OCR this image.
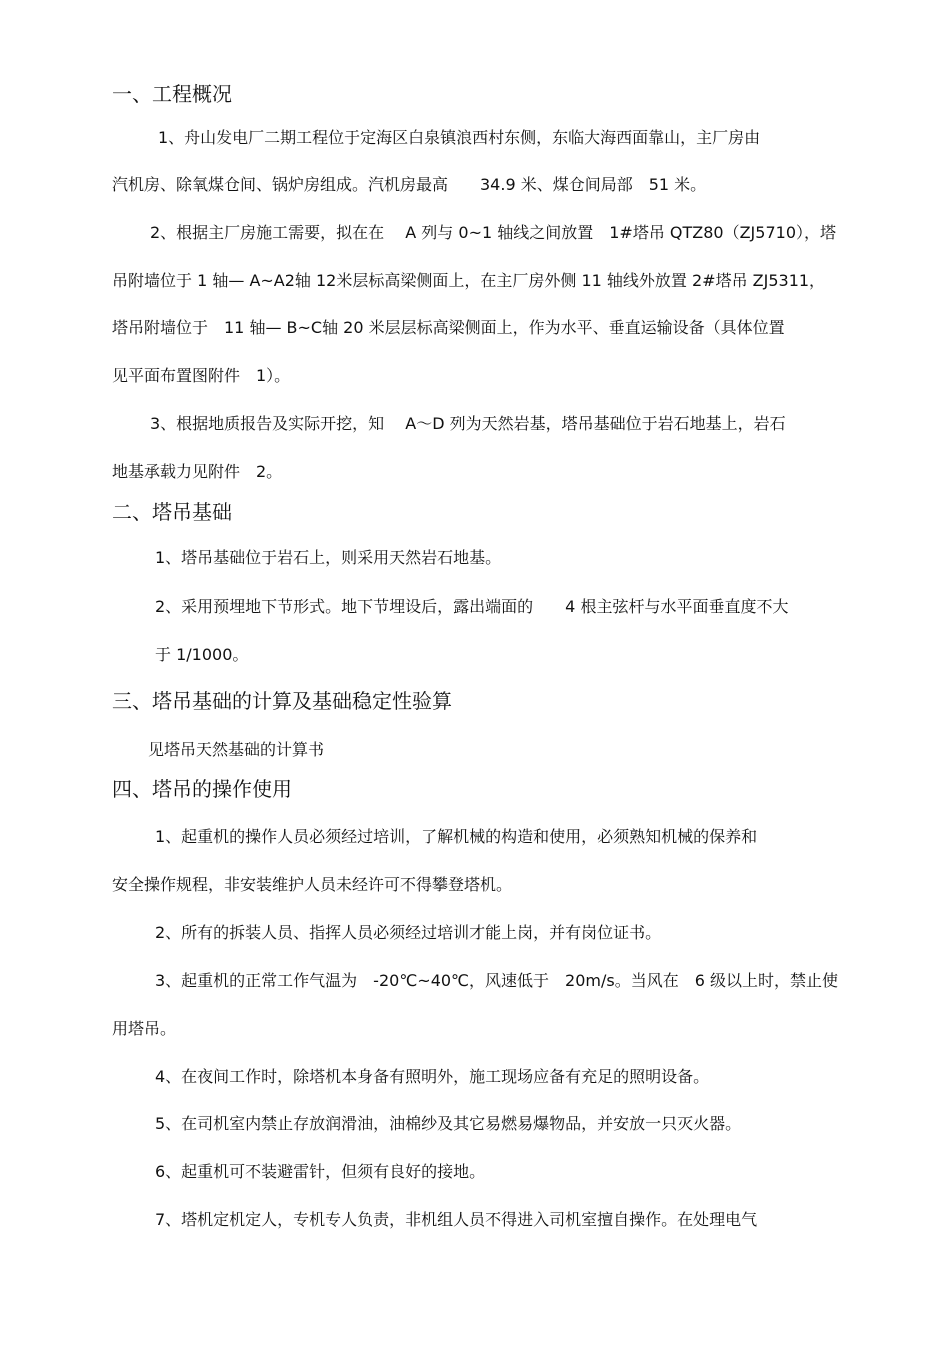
一、工程概况
1、舟山发电厂二期工程位于定海区白泉镇浪西村东侧，东临大海西面靠山，主厂房由
汽机房、除氧煤仓间、锅炉房组成。汽机房最高　　34.9 米、煤仓间局部　51 米。
2、根据主厂房施工需要，拟在在　 A 列与 0~1 轴线之间放置　1#塔吊 QTZ80（ZJ5710），塔
吊附墙位于 1 轴— A~A2轴 12米层标高梁侧面上，在主厂房外侧 11 轴线外放置 2#塔吊 ZJ5311，
塔吊附墙位于　11 轴— B~C轴 20 米层层标高梁侧面上，作为水平、垂直运输设备（具体位置
见平面布置图附件　1）。
3、根据地质报告及实际开挖，知　 A～D 列为天然岩基，塔吊基础位于岩石地基上，岩石
地基承载力见附件　2。
二、塔吊基础
1、塔吊基础位于岩石上，则采用天然岩石地基。
2、采用预埋地下节形式。地下节埋设后，露出端面的　　4 根主弦杆与水平面垂直度不大
于 1/1000。
三、塔吊基础的计算及基础稳定性验算
见塔吊天然基础的计算书
四、塔吊的操作使用
1、起重机的操作人员必须经过培训，了解机械的构造和使用，必须熟知机械的保养和
安全操作规程，非安装维护人员未经许可不得攀登塔机。
2、所有的拆装人员、指挥人员必须经过培训才能上岗，并有岗位证书。
3、起重机的正常工作气温为　-20℃~40℃，风速低于　20m/s。当风在　6 级以上时，禁止使
用塔吊。
4、在夜间工作时，除塔机本身备有照明外，施工现场应备有充足的照明设备。
5、在司机室内禁止存放润滑油，油棉纱及其它易燃易爆物品，并安放一只灭火器。
6、起重机可不装避雷针，但须有良好的接地。
7、塔机定机定人，专机专人负责，非机组人员不得进入司机室擅自操作。在处理电气
